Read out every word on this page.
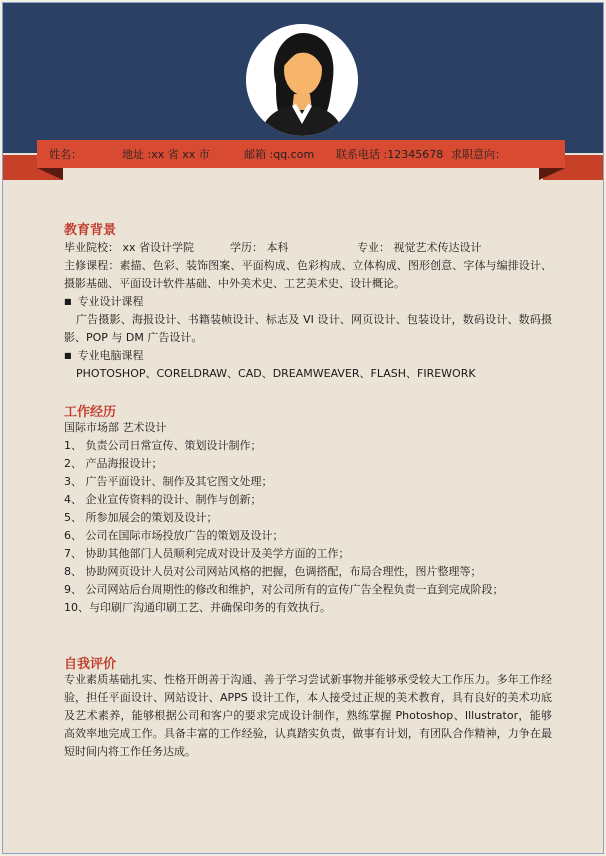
姓名：	地址 :xx 省 xx 市	邮箱 :qq.com 联系电话 :12345678 求职意向：
教育背景
毕业院校： xx 省设计学院	学历： 本科	专业： 视觉艺术传达设计
主修课程：素描、色彩、装饰图案、平面构成、色彩构成、立体构成、图形创意、字体与编排设计、摄影基础、平面设计软件基础、中外美术史、工艺美术史、设计概论。
■ 专业设计课程
广告摄影、海报设计、书籍装帧设计、标志及 VI 设计、网页设计、包装设计，数码设计、数码摄影、POP 与 DM 广告设计。
■ 专业电脑课程
PHOTOSHOP、CORELDRAW、CAD、DREAMWEAVER、FLASH、FIREWORK
工作经历
国际市场部 艺术设计
1、 负责公司日常宣传、策划设计制作；
2、 产品海报设计；
3、 广告平面设计、制作及其它图文处理；
4、 企业宣传资料的设计、制作与创新；
5、 所参加展会的策划及设计；
6、 公司在国际市场投放广告的策划及设计；
7、 协助其他部门人员顺利完成对设计及美学方面的工作；
8、 协助网页设计人员对公司网站风格的把握，色调搭配，布局合理性，图片整理等；
9、 公司网站后台周期性的修改和维护，对公司所有的宣传广告全程负责一直到完成阶段；
10、与印刷厂沟通印刷工艺、并确保印务的有效执行。
自我评价
专业素质基础扎实、性格开朗善于沟通、善于学习尝试新事物并能够承受较大工作压力。多年工作经验，担任平面设计、网站设计、APPS 设计工作，本人接受过正规的美术教育，具有良好的美术功底及艺术素养，能够根据公司和客户的要求完成设计制作，熟练掌握 Photoshop、Illustrator，能够高效率地完成工作。具备丰富的工作经验，认真踏实负责，做事有计划，有团队合作精神，力争在最短时间内将工作任务达成。
